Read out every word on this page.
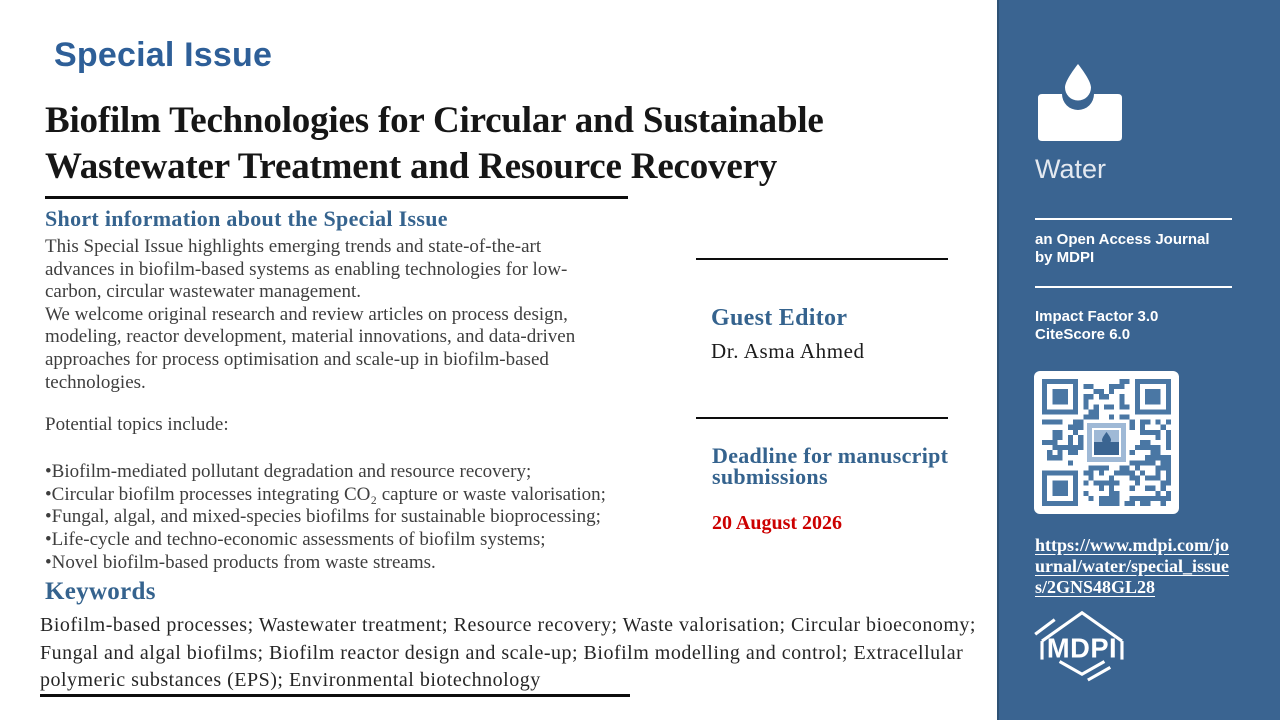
Special Issue
Biofilm Technologies for Circular and Sustainable
Wastewater Treatment and Resource Recovery
Short information about the Special Issue
This Special Issue highlights emerging trends and state-of-the-art
advances in biofilm-based systems as enabling technologies for low-
carbon, circular wastewater management.
We welcome original research and review articles on process design,
modeling, reactor development, material innovations, and data-driven
approaches for process optimisation and scale-up in biofilm-based
technologies.
Potential topics include:
•Biofilm-mediated pollutant degradation and resource recovery;
•Circular biofilm processes integrating CO₂ capture or waste valorisation;
•Fungal, algal, and mixed-species biofilms for sustainable bioprocessing;
•Life-cycle and techno-economic assessments of biofilm systems;
•Novel biofilm-based products from waste streams.
Keywords
Biofilm-based processes; Wastewater treatment; Resource recovery; Waste valorisation; Circular bioeconomy;
Fungal and algal biofilms; Biofilm reactor design and scale-up; Biofilm modelling and control; Extracellular
polymeric substances (EPS); Environmental biotechnology
Guest Editor
Dr. Asma Ahmed
Deadline for manuscript
submissions
20 August 2026
Water
an Open Access Journal
by MDPI
Impact Factor 3.0
CiteScore 6.0
https://www.mdpi.com/jo
urnal/water/special_issue
s/2GNS48GL28
MDPI
